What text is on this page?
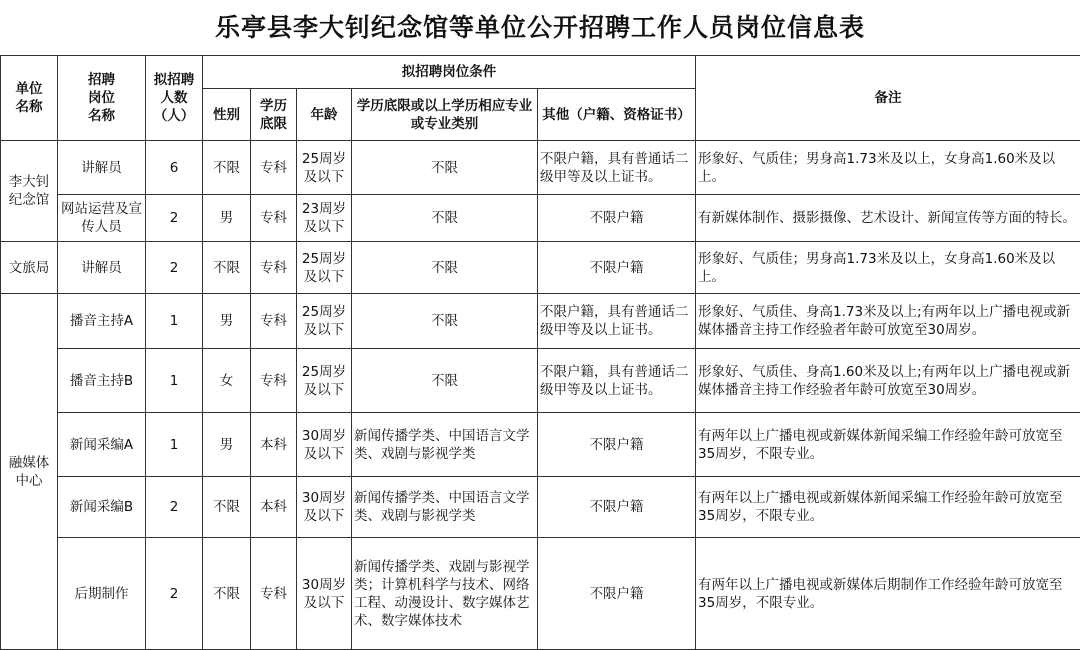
乐亭县李大钊纪念馆等单位公开招聘工作人员岗位信息表
单位名称	招聘岗位名称	拟招聘人数（人）	拟招聘岗位条件					备注
			性别	学历底限	年龄	学历底限或以上学历相应专业或专业类别	其他（户籍、资格证书）	
李大钊纪念馆	讲解员	6	不限	专科	25周岁及以下	不限	不限户籍，具有普通话二级甲等及以上证书。	形象好、气质佳；男身高1.73米及以上，女身高1.60米及以上。
	网站运营及宣传人员	2	男	专科	23周岁及以下	不限	不限户籍	有新媒体制作、摄影摄像、艺术设计、新闻宣传等方面的特长。
文旅局	讲解员	2	不限	专科	25周岁及以下	不限	不限户籍	形象好、气质佳；男身高1.73米及以上，女身高1.60米及以上。
融媒体中心	播音主持A	1	男	专科	25周岁及以下	不限	不限户籍，具有普通话二级甲等及以上证书。	形象好、气质佳、身高1.73米及以上;有两年以上广播电视或新媒体播音主持工作经验者年龄可放宽至30周岁。
	播音主持B	1	女	专科	25周岁及以下	不限	不限户籍，具有普通话二级甲等及以上证书。	形象好、气质佳、身高1.60米及以上;有两年以上广播电视或新媒体播音主持工作经验者年龄可放宽至30周岁。
	新闻采编A	1	男	本科	30周岁及以下	新闻传播学类、中国语言文学类、戏剧与影视学类	不限户籍	有两年以上广播电视或新媒体新闻采编工作经验年龄可放宽至35周岁，不限专业。
	新闻采编B	2	不限	本科	30周岁及以下	新闻传播学类、中国语言文学类、戏剧与影视学类	不限户籍	有两年以上广播电视或新媒体新闻采编工作经验年龄可放宽至35周岁，不限专业。
	后期制作	2	不限	专科	30周岁及以下	新闻传播学类、戏剧与影视学类；计算机科学与技术、网络工程、动漫设计、数字媒体艺术、数字媒体技术	不限户籍	有两年以上广播电视或新媒体后期制作工作经验年龄可放宽至35周岁，不限专业。
